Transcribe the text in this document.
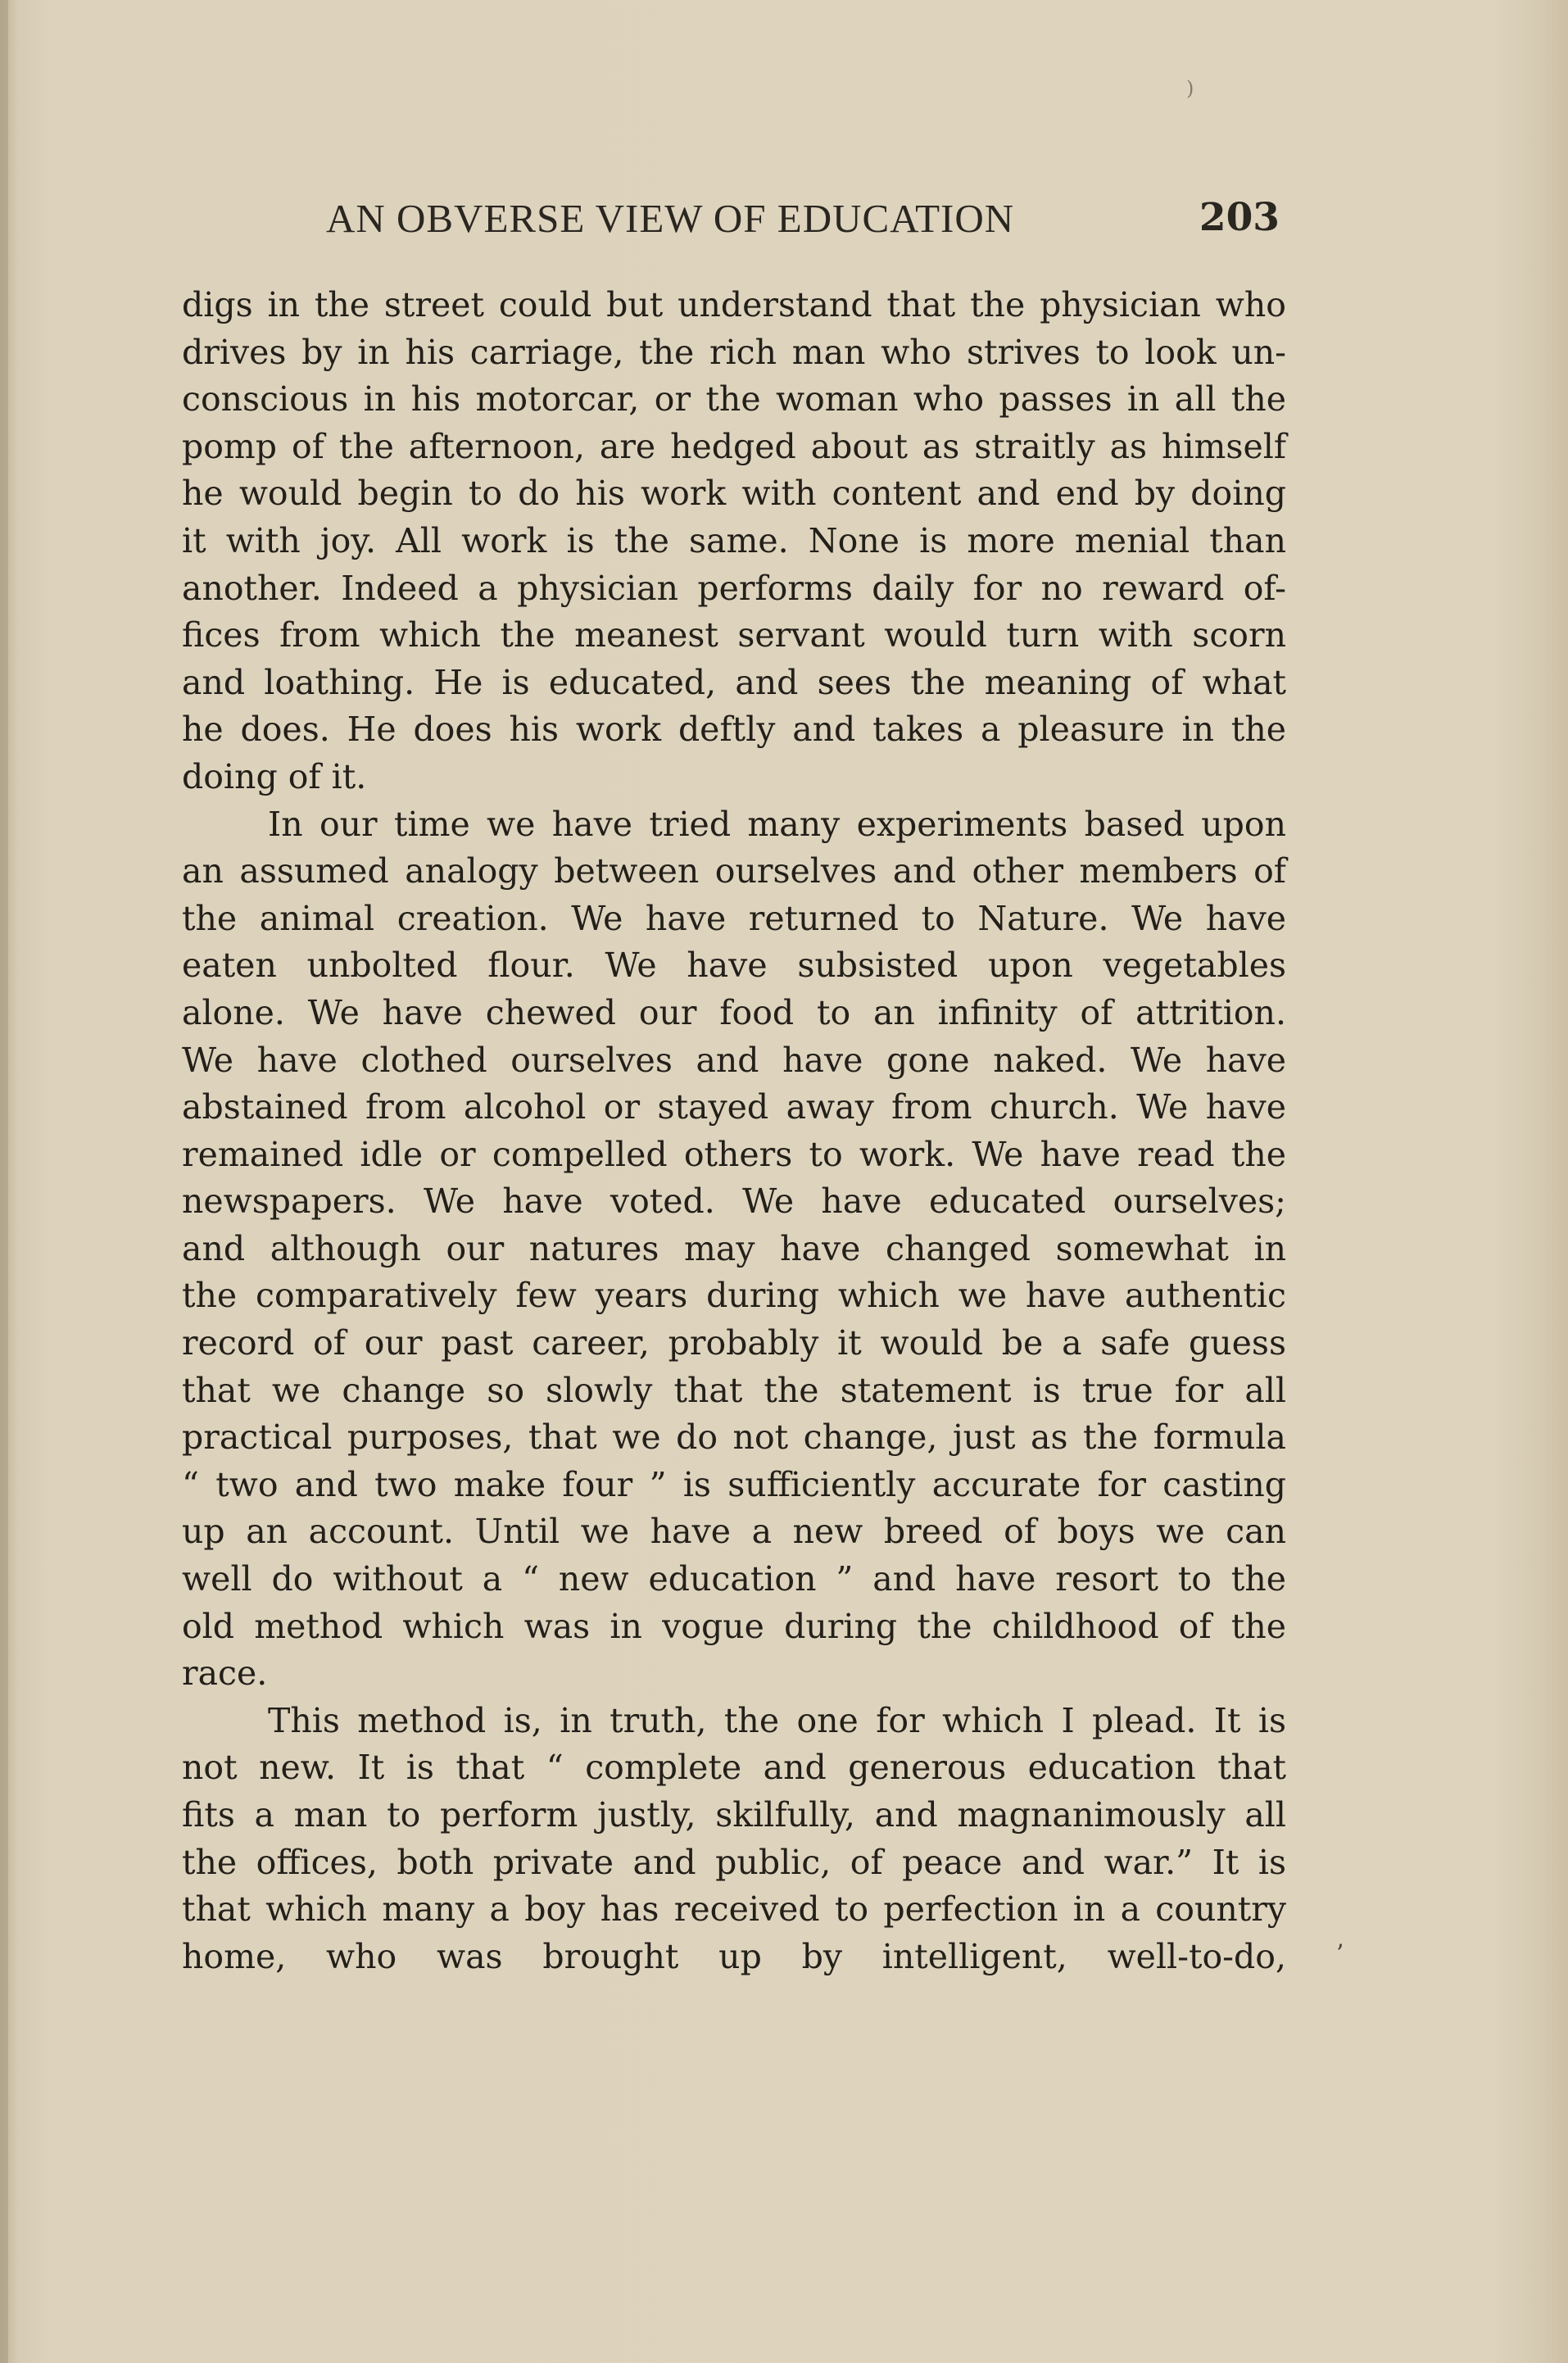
AN OBVERSE VIEW OF EDUCATION	203
digs in the street could but understand that the physician who
drives by in his carriage, the rich man who strives to look un-
conscious in his motorcar, or the woman who passes in all the
pomp of the afternoon, are hedged about as straitly as himself
he would begin to do his work with content and end by doing
it with joy. All work is the same. None is more menial than
another. Indeed a physician performs daily for no reward of-
fices from which the meanest servant would turn with scorn
and loathing. He is educated, and sees the meaning of what
he does. He does his work deftly and takes a pleasure in the
doing of it.
In our time we have tried many experiments based upon
an assumed analogy between ourselves and other members of
the animal creation. We have returned to Nature. We have
eaten unbolted flour. We have subsisted upon vegetables
alone. We have chewed our food to an infinity of attrition.
We have clothed ourselves and have gone naked. We have
abstained from alcohol or stayed away from church. We have
remained idle or compelled others to work. We have read the
newspapers. We have voted. We have educated ourselves;
and although our natures may have changed somewhat in
the comparatively few years during which we have authentic
record of our past career, probably it would be a safe guess
that we change so slowly that the statement is true for all
practical purposes, that we do not change, just as the formula
“ two and two make four ” is sufficiently accurate for casting
up an account. Until we have a new breed of boys we can
well do without a “ new education ” and have resort to the
old method which was in vogue during the childhood of the
race.
This method is, in truth, the one for which I plead. It is
not new. It is that “ complete and generous education that
fits a man to perform justly, skilfully, and magnanimously all
the offices, both private and public, of peace and war.” It is
that which many a boy has received to perfection in a country
home, who was brought up by intelligent, well-to-do, ʼ
)
